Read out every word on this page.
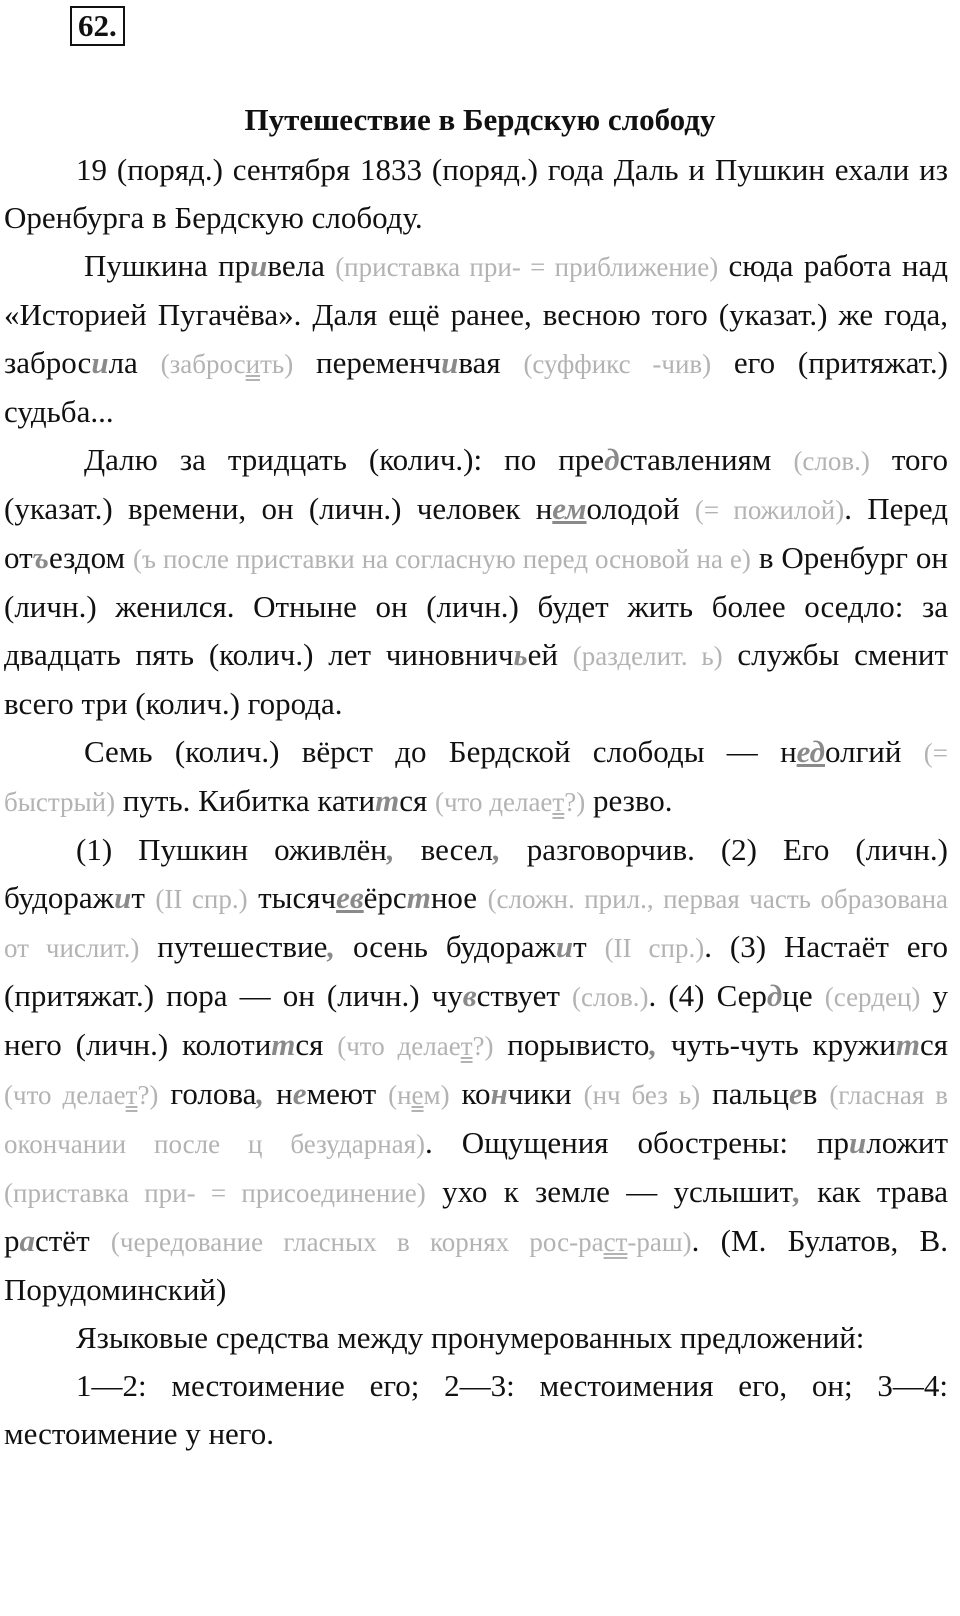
62.
Путешествие в Бердскую слободу

19 (поряд.) сентября 1833 (поряд.) года Даль и Пушкин ехали из Оренбурга в Бердскую слободу.

Пушкина привела (приставка при- = приближение) сюда работа над «Историей Пугачёва». Даля ещё ранее, весною того (указат.) же года, забросила (забросить) переменчивая (суффикс -чив) его (притяжат.) судьба...

Далю за тридцать (колич.): по представлениям (слов.) того (указат.) времени, он (личн.) человек немолодой (= пожилой). Перед отъездом (ъ после приставки на согласную перед основой на е) в Оренбург он (личн.) женился. Отныне он (личн.) будет жить более оседло: за двадцать пять (колич.) лет чиновничьей (разделит. ь) службы сменит всего три (колич.) города.

Семь (колич.) вёрст до Бердской слободы — недолгий (= быстрый) путь. Кибитка катится (что делает?) резво.

(1) Пушкин оживлён, весел, разговорчив. (2) Его (личн.) будоражит (II спр.) тысячевёрстное (сложн. прил., первая часть образована от числит.) путешествие, осень будоражит (II спр.). (3) Настаёт его (притяжат.) пора — он (личн.) чувствует (слов.). (4) Сердце (сердец) у него (личн.) колотится (что делает?) порывисто, чуть-чуть кружится (что делает?) голова, немеют (нем) кончики (нч без ь) пальцев (гласная в окончании после ц безударная). Ощущения обострены: приложит (приставка при- = присоединение) ухо к земле — услышит, как трава растёт (чередование гласных в корнях рос-раст-раш). (М. Булатов, В. Порудоминский)

Языковые средства между пронумерованных предложений:

1—2: местоимение его; 2—3: местоимения его, он; 3—4: местоимение у него.
